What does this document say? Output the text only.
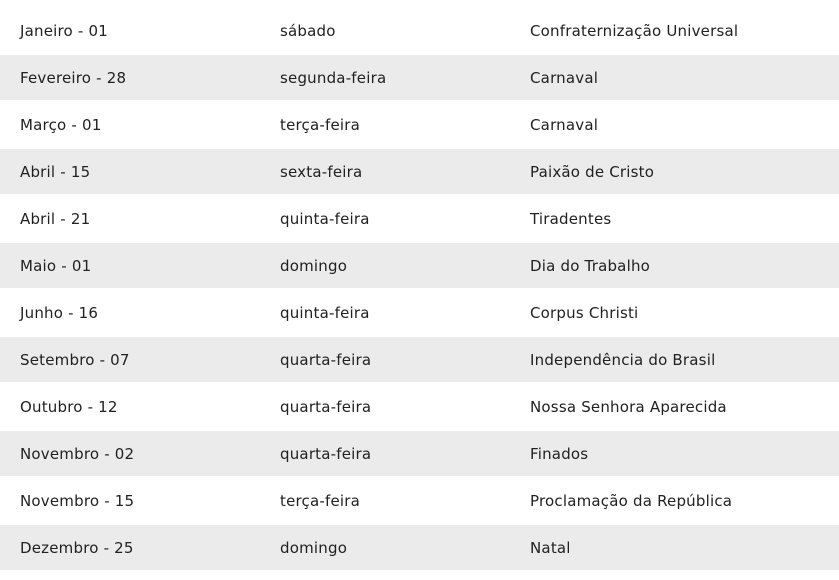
Janeiro - 01	sábado	Confraternização Universal
Fevereiro - 28	segunda-feira	Carnaval
Março - 01	terça-feira	Carnaval
Abril - 15	sexta-feira	Paixão de Cristo
Abril - 21	quinta-feira	Tiradentes
Maio - 01	domingo	Dia do Trabalho
Junho - 16	quinta-feira	Corpus Christi
Setembro - 07	quarta-feira	Independência do Brasil
Outubro - 12	quarta-feira	Nossa Senhora Aparecida
Novembro - 02	quarta-feira	Finados
Novembro - 15	terça-feira	Proclamação da República
Dezembro - 25	domingo	Natal
